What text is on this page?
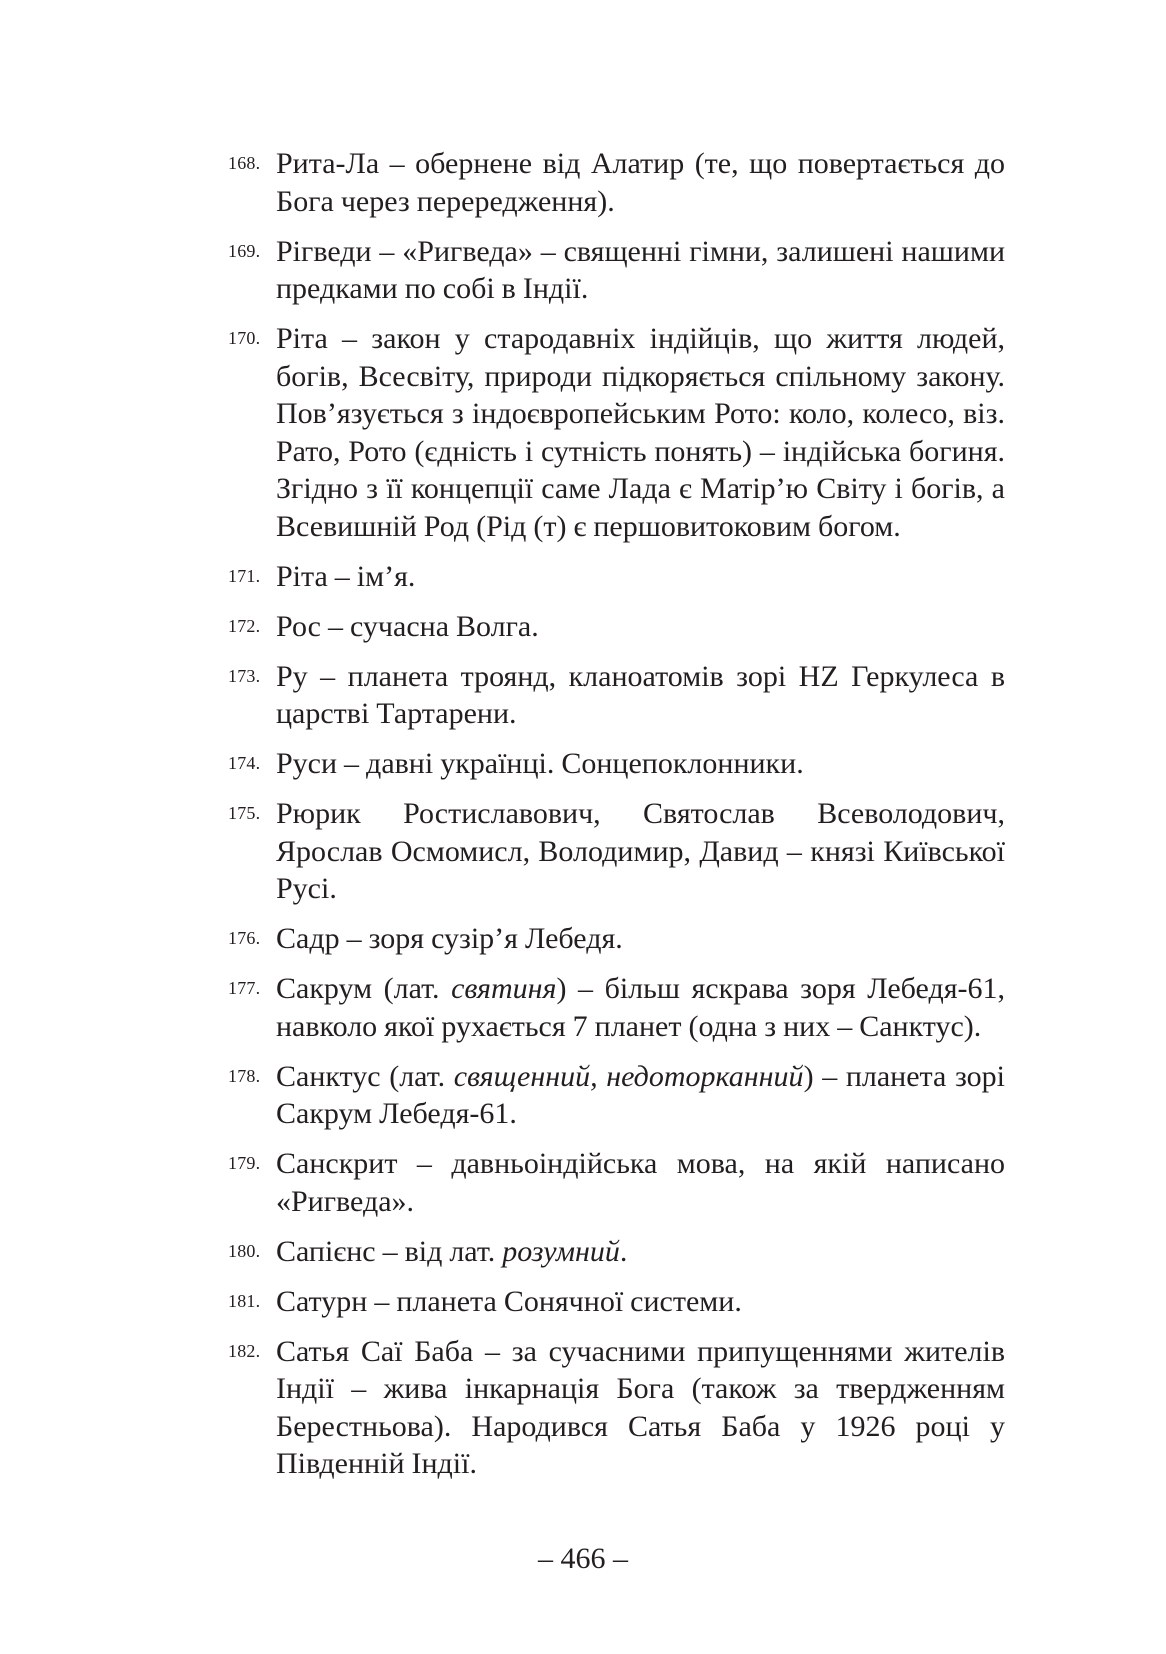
168. Рита-Ла – обернене від Алатир (те, що повертається до Бога через перередження).
169. Рігведи – «Ригведа» – священні гімни, залишені нашими предками по собі в Індії.
170. Ріта – закон у стародавніх індійців, що життя людей, богів, Всесвіту, природи підкоряється спільному закону. Пов’язується з індоєвропейським Рото: коло, колесо, віз. Рато, Рото (єдність і сутність понять) – індійська богиня. Згідно з її концепції саме Лада є Матір’ю Світу і богів, а Всевишній Род (Рід (т) є першовитоковим богом.
171. Ріта – ім’я.
172. Рос – сучасна Волга.
173. Ру – планета троянд, кланоатомів зорі HZ Геркулеса в царстві Тартарени.
174. Руси – давні українці. Сонцепоклонники.
175. Рюрик Ростиславович, Святослав Всеволодович, Ярослав Осмомисл, Володимир, Давид – князі Київської Русі.
176. Садр – зоря сузір’я Лебедя.
177. Сакрум (лат. святиня) – більш яскрава зоря Лебедя-61, навколо якої рухається 7 планет (одна з них – Санктус).
178. Санктус (лат. священний, недоторканний) – планета зорі Сакрум Лебедя-61.
179. Санскрит – давньоіндійська мова, на якій написано «Ригведа».
180. Сапієнс – від лат. розумний.
181. Сатурн – планета Сонячної системи.
182. Сатья Саї Баба – за сучасними припущеннями жителів Індії – жива інкарнація Бога (також за твердженням Берестньова). Народився Сатья Баба у 1926 році у Південній Індії.
– 466 –
